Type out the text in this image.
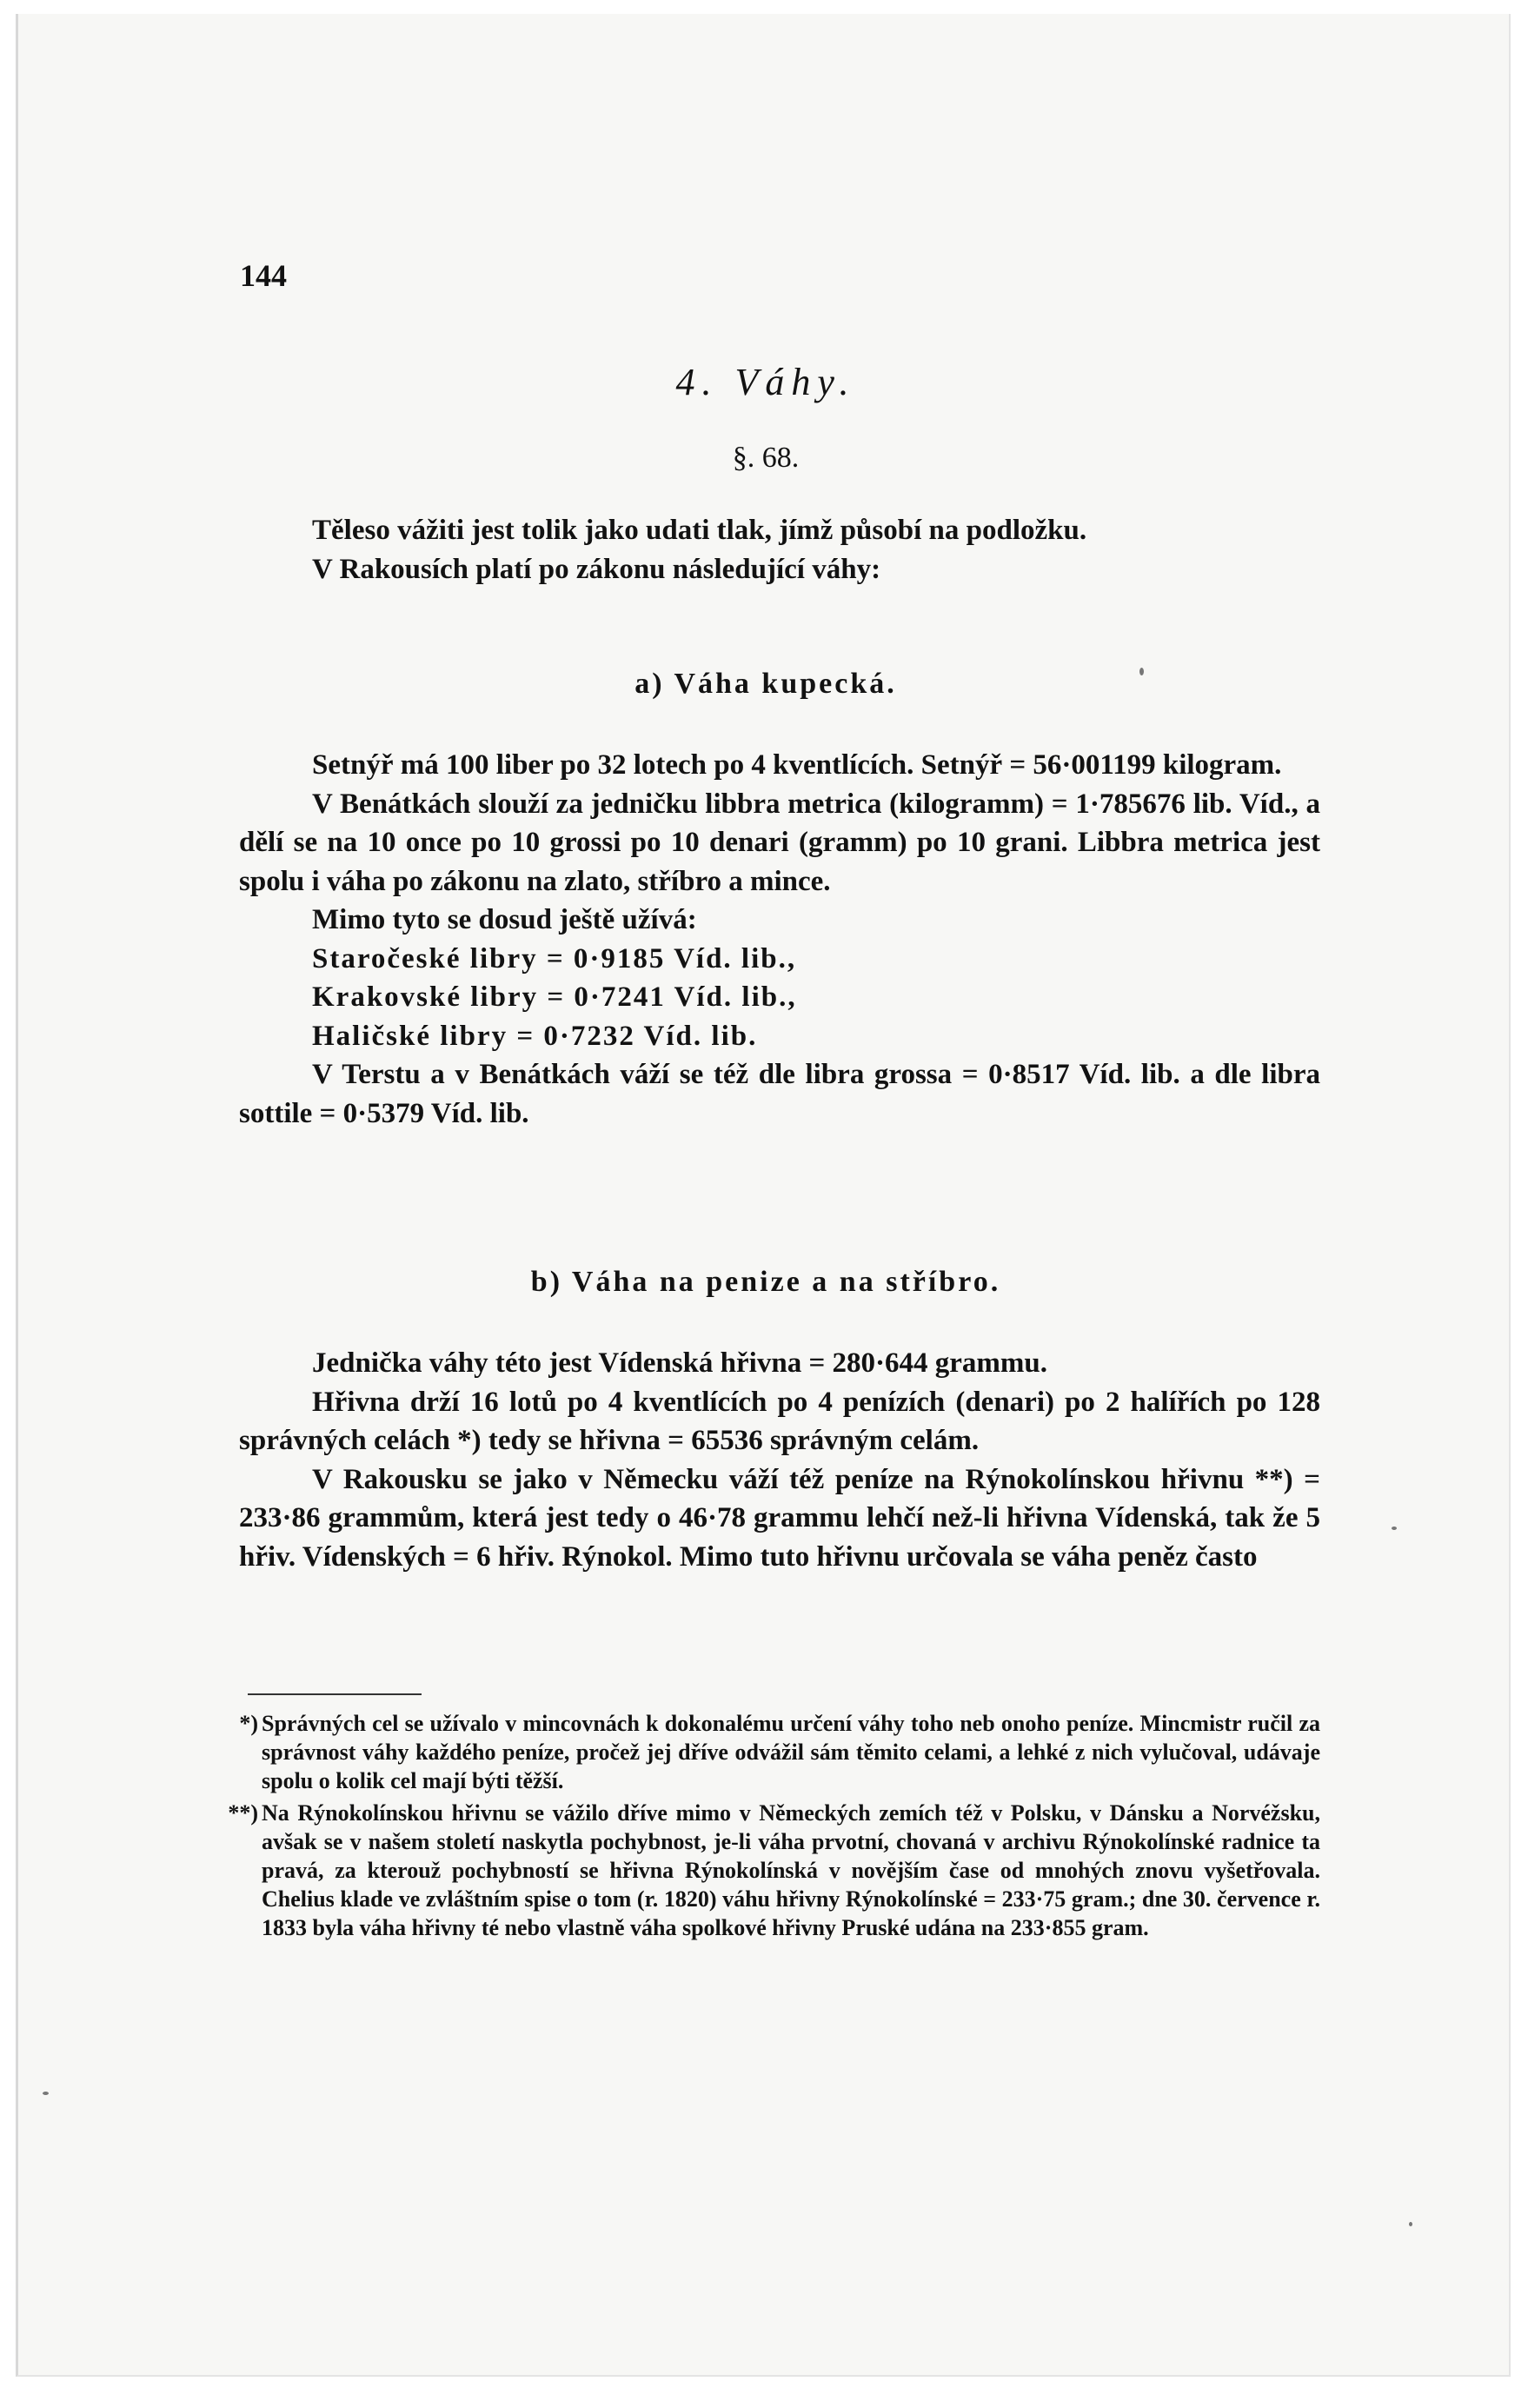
144
4. Váhy.
§. 68.

Těleso vážiti jest tolik jako udati tlak, jímž působí na podložku.

V Rakousích platí po zákonu následující váhy:

a) Váha kupecká.

Setnýř má 100 liber po 32 lotech po 4 kventlících. Setnýř = 56·001199 kilogram.

V Benátkách slouží za jedničku libbra metrica (kilogramm) = 1·785676 lib. Víd., a dělí se na 10 once po 10 grossi po 10 denari (gramm) po 10 grani. Libbra metrica jest spolu i váha po zákonu na zlato, stříbro a mince.

Mimo tyto se dosud ještě užívá:

Staročeské libry = 0·9185 Víd. lib.,

Krakovské libry = 0·7241 Víd. lib.,

Haličské libry = 0·7232 Víd. lib.

V Terstu a v Benátkách váží se též dle libra grossa = 0·8517 Víd. lib. a dle libra sottile = 0·5379 Víd. lib.

b) Váha na penize a na stříbro.

Jednička váhy této jest Vídenská hřivna = 280·644 grammu.

Hřivna drží 16 lotů po 4 kventlících po 4 penízích (denari) po 2 halířích po 128 správných celách *) tedy se hřivna = 65536 správným celám.

V Rakousku se jako v Německu váží též peníze na Rýnokolínskou hřivnu **) = 233·86 grammům, která jest tedy o 46·78 grammu lehčí než-li hřivna Vídenská, tak že 5 hřiv. Vídenských = 6 hřiv. Rýnokol. Mimo tuto hřivnu určovala se váha peněz často

*) Správných cel se užívalo v mincovnách k dokonalému určení váhy toho neb onoho peníze. Mincmistr ručil za správnost váhy každého peníze, pročež jej dříve odvážil sám těmito celami, a lehké z nich vylučoval, udávaje spolu o kolik cel mají býti těžší.

**) Na Rýnokolínskou hřivnu se vážilo dříve mimo v Německých zemích též v Polsku, v Dánsku a Norvéžsku, avšak se v našem století naskytla pochybnost, je-li váha prvotní, chovaná v archivu Rýnokolínské radnice ta pravá, za kterouž pochybností se hřivna Rýnokolínská v novějším čase od mnohých znovu vyšetřovala. Chelius klade ve zvláštním spise o tom (r. 1820) váhu hřivny Rýnokolínské = 233·75 gram.; dne 30. července r. 1833 byla váha hřivny té nebo vlastně váha spolkové hřivny Pruské udána na 233·855 gram.
